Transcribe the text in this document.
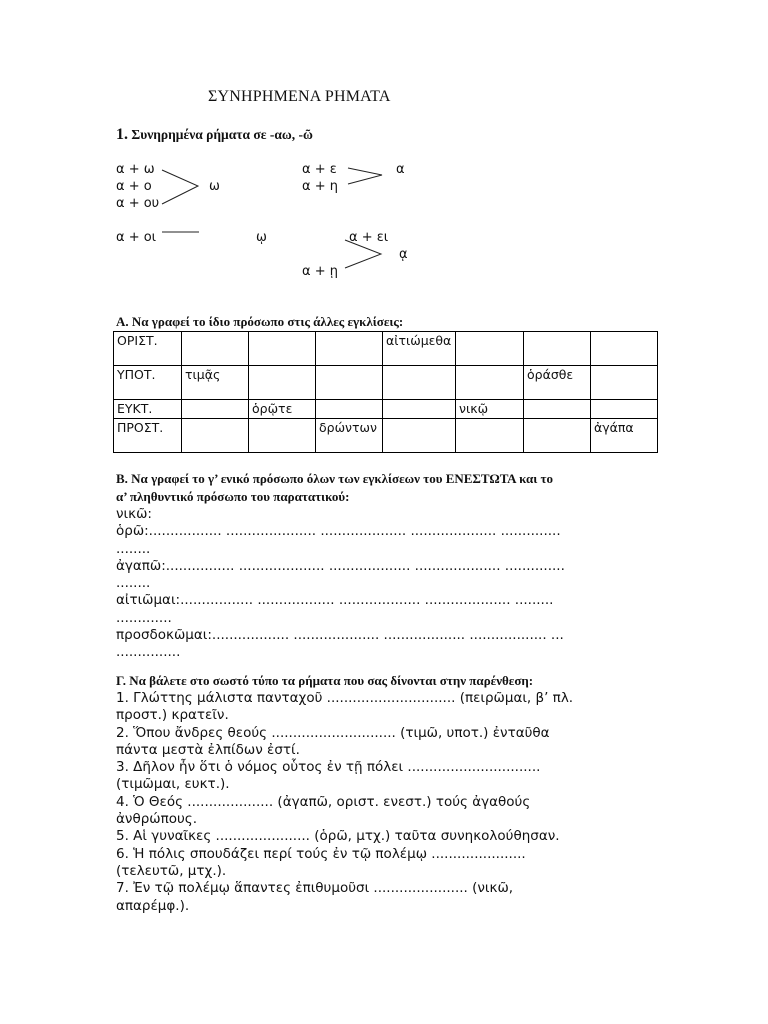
ΣΥΝΗΡΗΜΕΝΑ ΡΗΜΑΤΑ
1. Συνηρημένα ρήματα σε -αω, -ῶ
α + ω
α + ο
α + ου
ω
α + ε
α + η
α
α + οι	ῳ	α + ει
ᾳ
α + ῃ
Α. Να γραφεί το ίδιο πρόσωπο στις άλλες εγκλίσεις:
ΟΡΙΣΤ.				αἰτιώμεθα			
ΥΠΟΤ.	τιμᾷς					ὁράσθε	
ΕΥΚΤ.		ὁρῷτε			νικῷ		
ΠΡΟΣΤ.			δρώντων				ἀγάπα
Β. Να γραφεί το γ’ ενικό πρόσωπο όλων των εγκλίσεων του ΕΝΕΣΤΩΤΑ και το
α’ πληθυντικό πρόσωπο του παρατατικού:
νικῶ:
ὁρῶ:................. ..................... .................... .................... ..............
........
ἀγαπῶ:................ .................... ................... .................... ..............
........
αἰτιῶμαι:................. .................. ................... .................... .........
.............
προσδοκῶμαι:.................. .................... ................... .................. ...
...............
Γ. Να βάλετε στο σωστό τύπο τα ρήματα που σας δίνονται στην παρένθεση:
1. Γλώττης μάλιστα πανταχοῦ .............................. (πειρῶμαι, β’ πλ.
προστ.) κρατεῖν.
2. Ὅπου ἄνδρες θεούς ............................. (τιμῶ, υποτ.) ἐνταῦθα
πάντα μεστὰ ἐλπίδων ἐστί.
3. Δῆλον ἦν ὅτι ὁ νόμος οὗτος ἐν τῇ πόλει ...............................
(τιμῶμαι, ευκτ.).
4. Ὁ Θεός .................... (ἀγαπῶ, οριστ. ενεστ.) τούς ἀγαθούς
ἀνθρώπους.
5. Αἱ γυναῖκες ...................... (ὁρῶ, μτχ.) ταῦτα συνηκολούθησαν.
6. Ἡ πόλις σπουδάζει περί τούς ἐν τῷ πολέμῳ ......................
(τελευτῶ, μτχ.).
7. Ἐν τῷ πολέμῳ ἅπαντες ἐπιθυμοῦσι ...................... (νικῶ,
απαρέμφ.).
